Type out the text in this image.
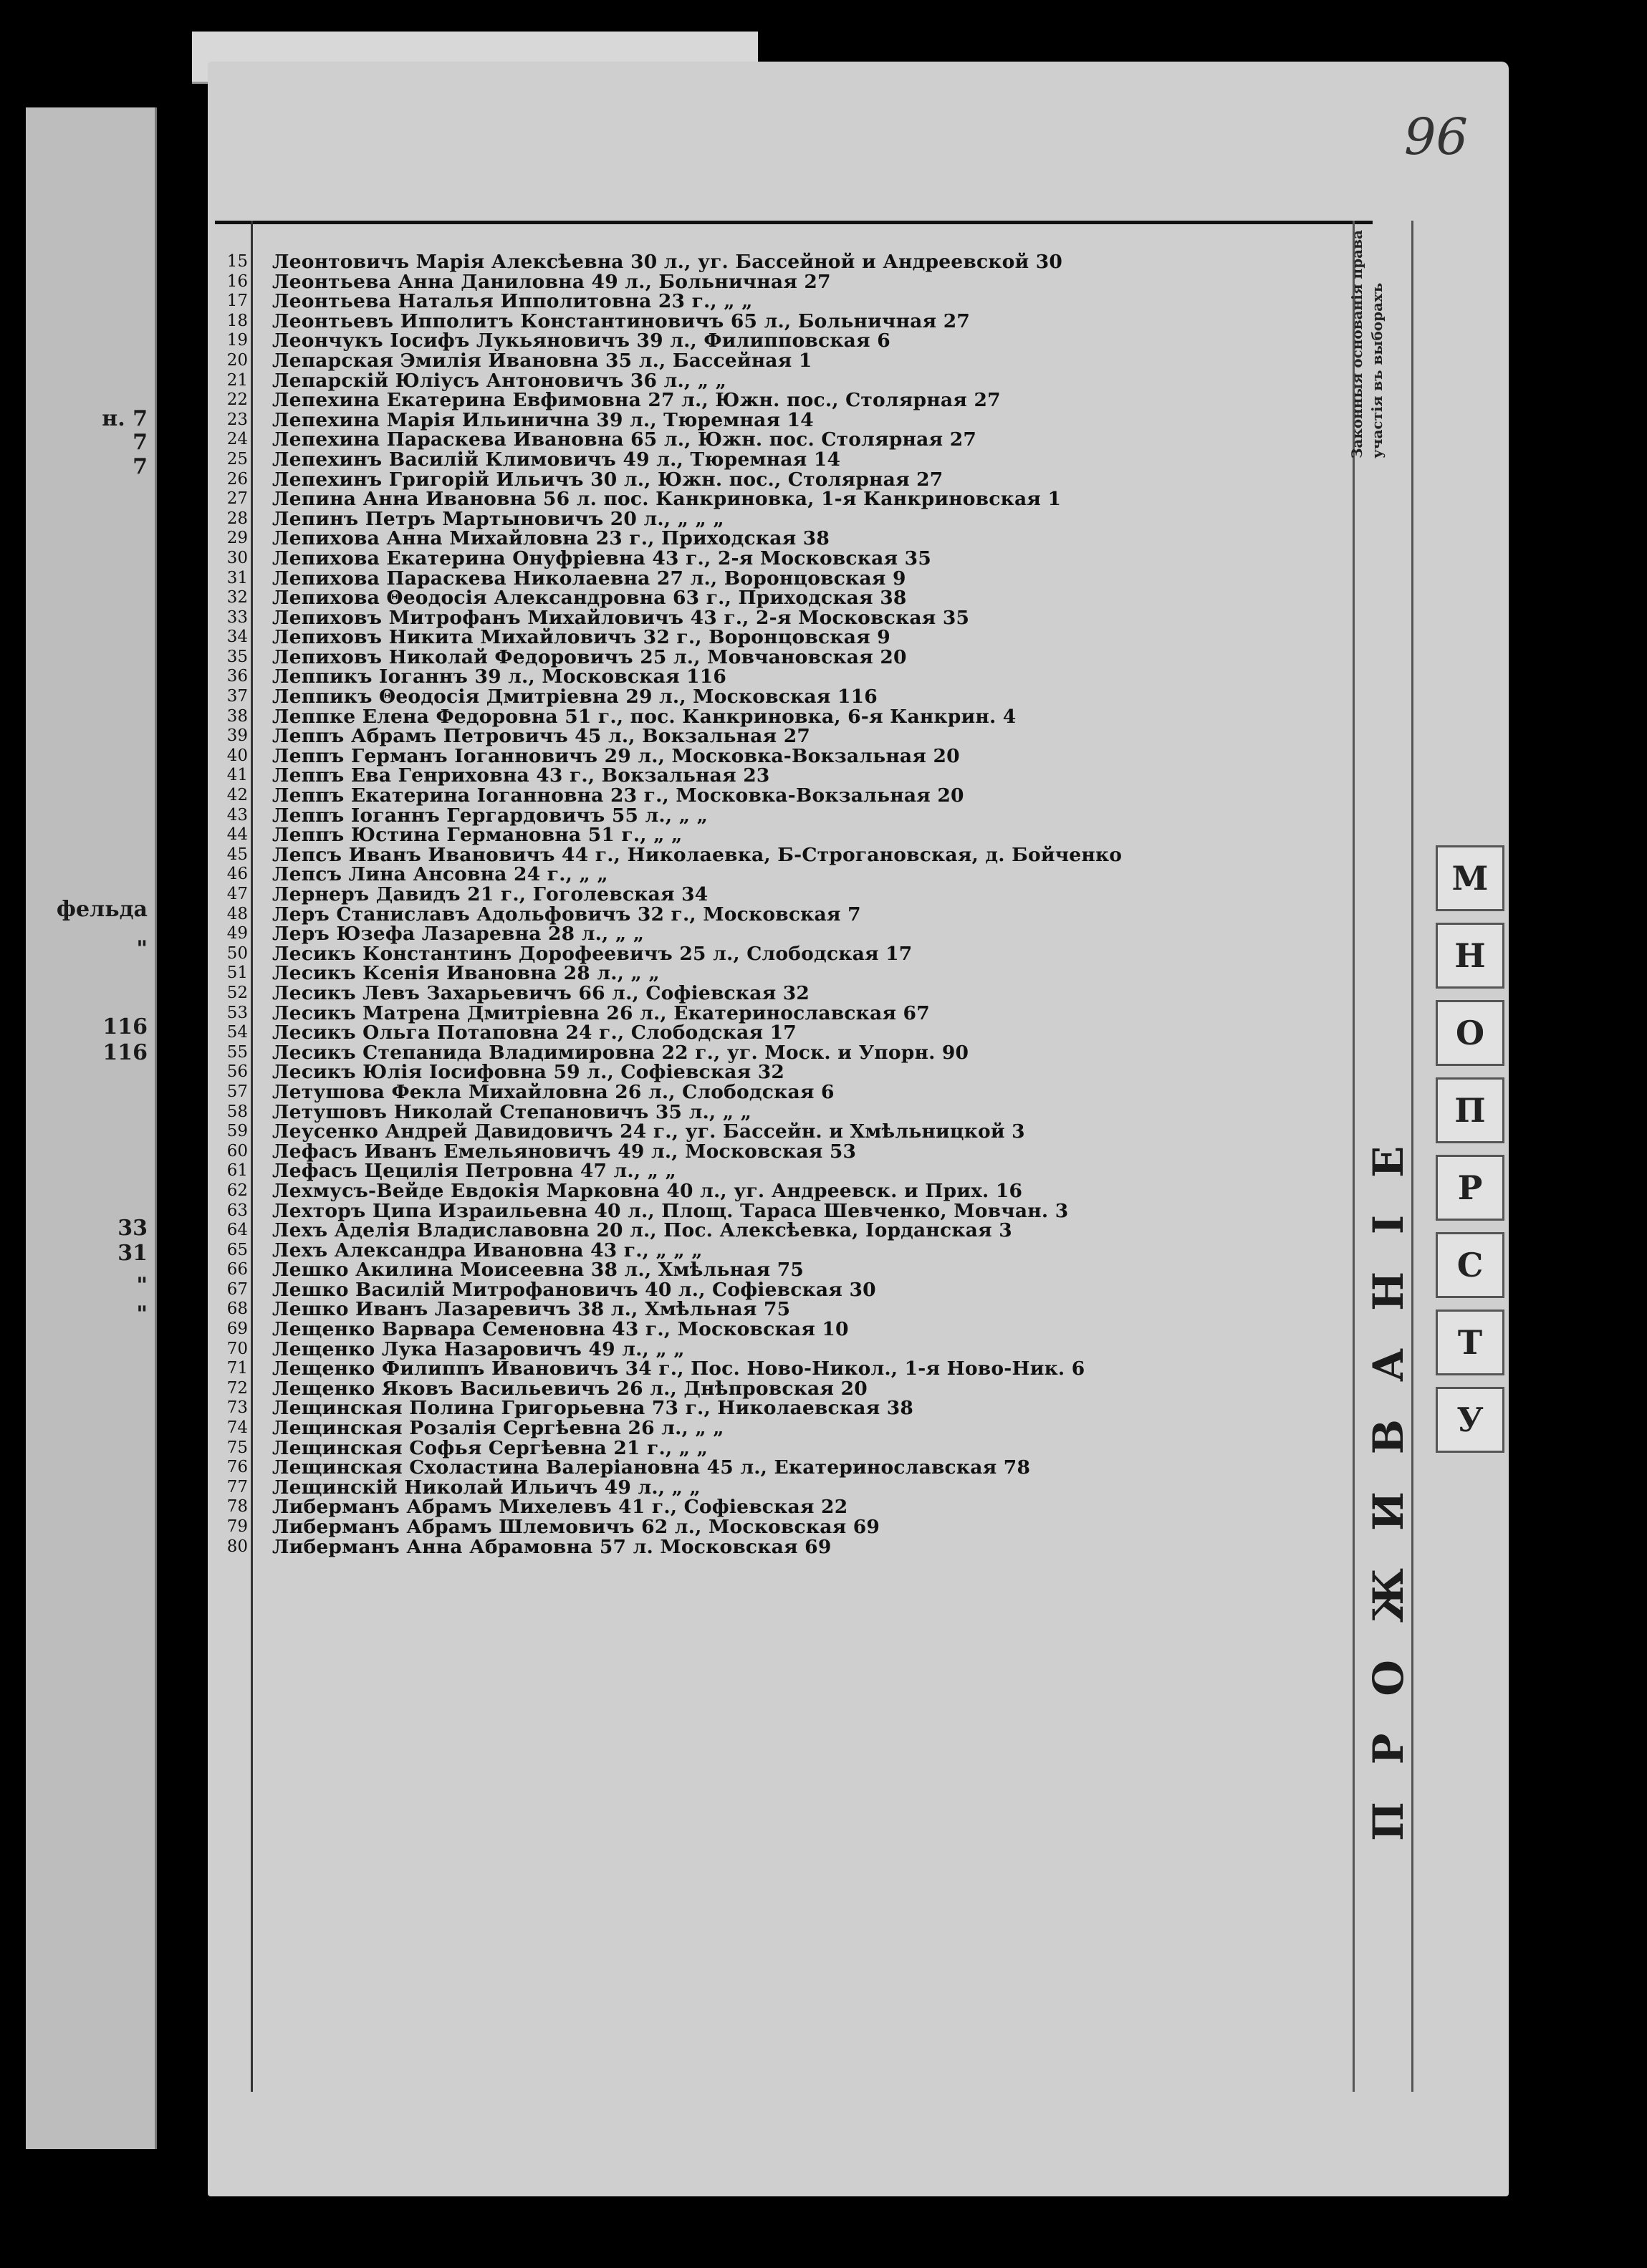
н. 7
7
7
фельда
"
116
116
33
31
"
"
96
Законныя основанія права участія въ выборахъ
ПРОЖИВАНІЕ
М
Н
О
П
Р
С
Т
У
15 Леонтовичъ Марія Алексѣевна 30 л., уг. Бассейной и Андреевской 30
16 Леонтьева Анна Даниловна 49 л., Больничная 27
17 Леонтьева Наталья Ипполитовна 23 г., „ „
18 Леонтьевъ Ипполитъ Константиновичъ 65 л., Больничная 27
19 Леончукъ Іосифъ Лукьяновичъ 39 л., Филипповская 6
20 Лепарская Эмилія Ивановна 35 л., Бассейная 1
21 Лепарскій Юліусъ Антоновичъ 36 л., „ „
22 Лепехина Екатерина Евфимовна 27 л., Южн. пос., Столярная 27
23 Лепехина Марія Ильинична 39 л., Тюремная 14
24 Лепехина Параскева Ивановна 65 л., Южн. пос. Столярная 27
25 Лепехинъ Василій Климовичъ 49 л., Тюремная 14
26 Лепехинъ Григорій Ильичъ 30 л., Южн. пос., Столярная 27
27 Лепина Анна Ивановна 56 л. пос. Канкриновка, 1-я Канкриновская 1
28 Лепинъ Петръ Мартыновичъ 20 л., „ „ „
29 Лепихова Анна Михайловна 23 г., Приходская 38
30 Лепихова Екатерина Онуфріевна 43 г., 2-я Московская 35
31 Лепихова Параскева Николаевна 27 л., Воронцовская 9
32 Лепихова Θеодосія Александровна 63 г., Приходская 38
33 Лепиховъ Митрофанъ Михайловичъ 43 г., 2-я Московская 35
34 Лепиховъ Никита Михайловичъ 32 г., Воронцовская 9
35 Лепиховъ Николай Федоровичъ 25 л., Мовчановская 20
36 Леппикъ Іоганнъ 39 л., Московская 116
37 Леппикъ Θеодосія Дмитріевна 29 л., Московская 116
38 Леппке Елена Федоровна 51 г., пос. Канкриновка, 6-я Канкрин. 4
39 Леппъ Абрамъ Петровичъ 45 л., Вокзальная 27
40 Леппъ Германъ Іоганновичъ 29 л., Московка-Вокзальная 20
41 Леппъ Ева Генриховна 43 г., Вокзальная 23
42 Леппъ Екатерина Іоганновна 23 г., Московка-Вокзальная 20
43 Леппъ Іоганнъ Гергардовичъ 55 л., „ „
44 Леппъ Юстина Германовна 51 г., „ „
45 Лепсъ Иванъ Ивановичъ 44 г., Николаевка, Б-Строгановская, д. Бойченко
46 Лепсъ Лина Ансовна 24 г., „ „
47 Лернеръ Давидъ 21 г., Гоголевская 34
48 Леръ Станиславъ Адольфовичъ 32 г., Московская 7
49 Леръ Юзефа Лазаревна 28 л., „ „
50 Лесикъ Константинъ Дорофеевичъ 25 л., Слободская 17
51 Лесикъ Ксенія Ивановна 28 л., „ „
52 Лесикъ Левъ Захарьевичъ 66 л., Софіевская 32
53 Лесикъ Матрена Дмитріевна 26 л., Екатеринославская 67
54 Лесикъ Ольга Потаповна 24 г., Слободская 17
55 Лесикъ Степанида Владимировна 22 г., уг. Моск. и Упорн. 90
56 Лесикъ Юлія Іосифовна 59 л., Софіевская 32
57 Летушова Фекла Михайловна 26 л., Слободская 6
58 Летушовъ Николай Степановичъ 35 л., „ „
59 Леусенко Андрей Давидовичъ 24 г., уг. Бассейн. и Хмѣльницкой 3
60 Лефасъ Иванъ Емельяновичъ 49 л., Московская 53
61 Лефасъ Цецилія Петровна 47 л., „ „
62 Лехмусъ-Вейде Евдокія Марковна 40 л., уг. Андреевск. и Прих. 16
63 Лехторъ Ципа Израильевна 40 л., Площ. Тараса Шевченко, Мовчан. 3
64 Лехъ Аделія Владиславовна 20 л., Пос. Алексѣевка, Іорданская 3
65 Лехъ Александра Ивановна 43 г., „ „ „
66 Лешко Акилина Моисеевна 38 л., Хмѣльная 75
67 Лешко Василій Митрофановичъ 40 л., Софіевская 30
68 Лешко Иванъ Лазаревичъ 38 л., Хмѣльная 75
69 Лещенко Варвара Семеновна 43 г., Московская 10
70 Лещенко Лука Назаровичъ 49 л., „ „
71 Лещенко Филиппъ Ивановичъ 34 г., Пос. Ново-Никол., 1-я Ново-Ник. 6
72 Лещенко Яковъ Васильевичъ 26 л., Днѣпровская 20
73 Лещинская Полина Григорьевна 73 г., Николаевская 38
74 Лещинская Розалія Сергѣевна 26 л., „ „
75 Лещинская Софья Сергѣевна 21 г., „ „
76 Лещинская Схоластина Валеріановна 45 л., Екатеринославская 78
77 Лещинскій Николай Ильичъ 49 л., „ „
78 Либерманъ Абрамъ Михелевъ 41 г., Софіевская 22
79 Либерманъ Абрамъ Шлемовичъ 62 л., Московская 69
80 Либерманъ Анна Абрамовна 57 л. Московская 69
